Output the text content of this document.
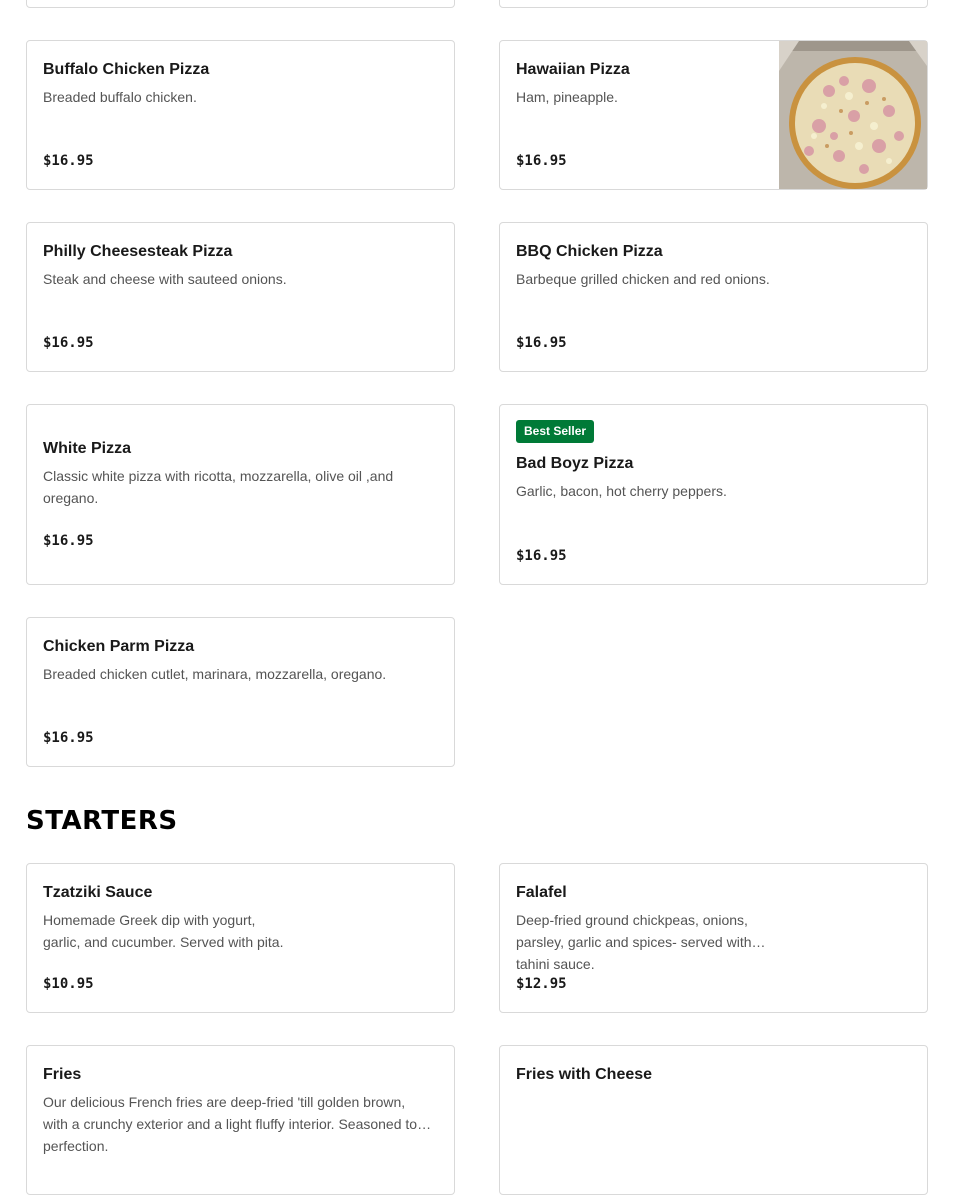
Buffalo Chicken Pizza
Breaded buffalo chicken.
$16.95
Hawaiian Pizza
Ham, pineapple.
$16.95
Philly Cheesesteak Pizza
Steak and cheese with sauteed onions.
$16.95
BBQ Chicken Pizza
Barbeque grilled chicken and red onions.
$16.95
White Pizza
Classic white pizza with ricotta, mozzarella, olive oil ,and oregano.
$16.95
Best Seller
Bad Boyz Pizza
Garlic, bacon, hot cherry peppers.
$16.95
Chicken Parm Pizza
Breaded chicken cutlet, marinara, mozzarella, oregano.
$16.95
STARTERS
Tzatziki Sauce
Homemade Greek dip with yogurt, garlic, and cucumber. Served with pita.
$10.95
Falafel
Deep-fried ground chickpeas, onions, parsley, garlic and spices- served with tahini sauce.
$12.95
Fries
Our delicious French fries are deep-fried 'till golden brown, with a crunchy exterior and a light fluffy interior. Seasoned to perfection.
Fries with Cheese
